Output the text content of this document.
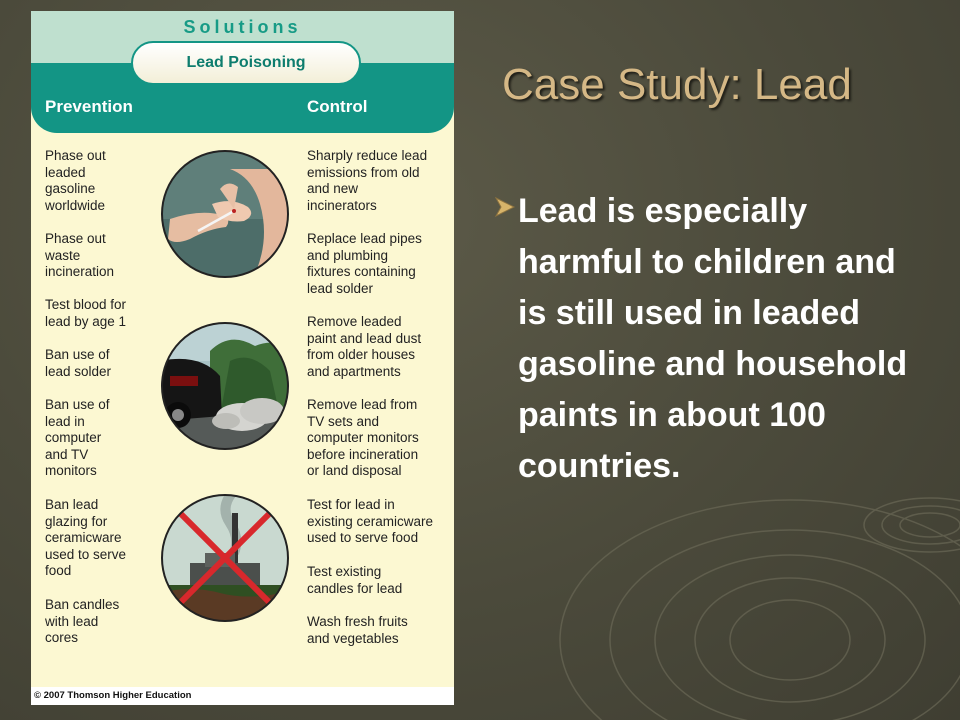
Solutions
Lead Poisoning
Prevention	Control
Phase out
leaded
gasoline
worldwide
Phase out
waste
incineration
Test blood for
lead by age 1
Ban use of
lead solder
Ban use of
lead in
computer
and TV
monitors
Ban lead
glazing for
ceramicware
used to serve
food
Ban candles
with lead
cores
Sharply reduce lead
emissions from old
and new
incinerators
Replace lead pipes
and plumbing
fixtures containing
lead solder
Remove leaded
paint and lead dust
from older houses
and apartments
Remove lead from
TV sets and
computer monitors
before incineration
or land disposal
Test for lead in
existing ceramicware
used to serve food
Test existing
candles for lead
Wash fresh fruits
and vegetables
© 2007 Thomson Higher Education
Case Study: Lead

Lead is especially harmful to children and is still used in leaded gasoline and household paints in about 100 countries.
